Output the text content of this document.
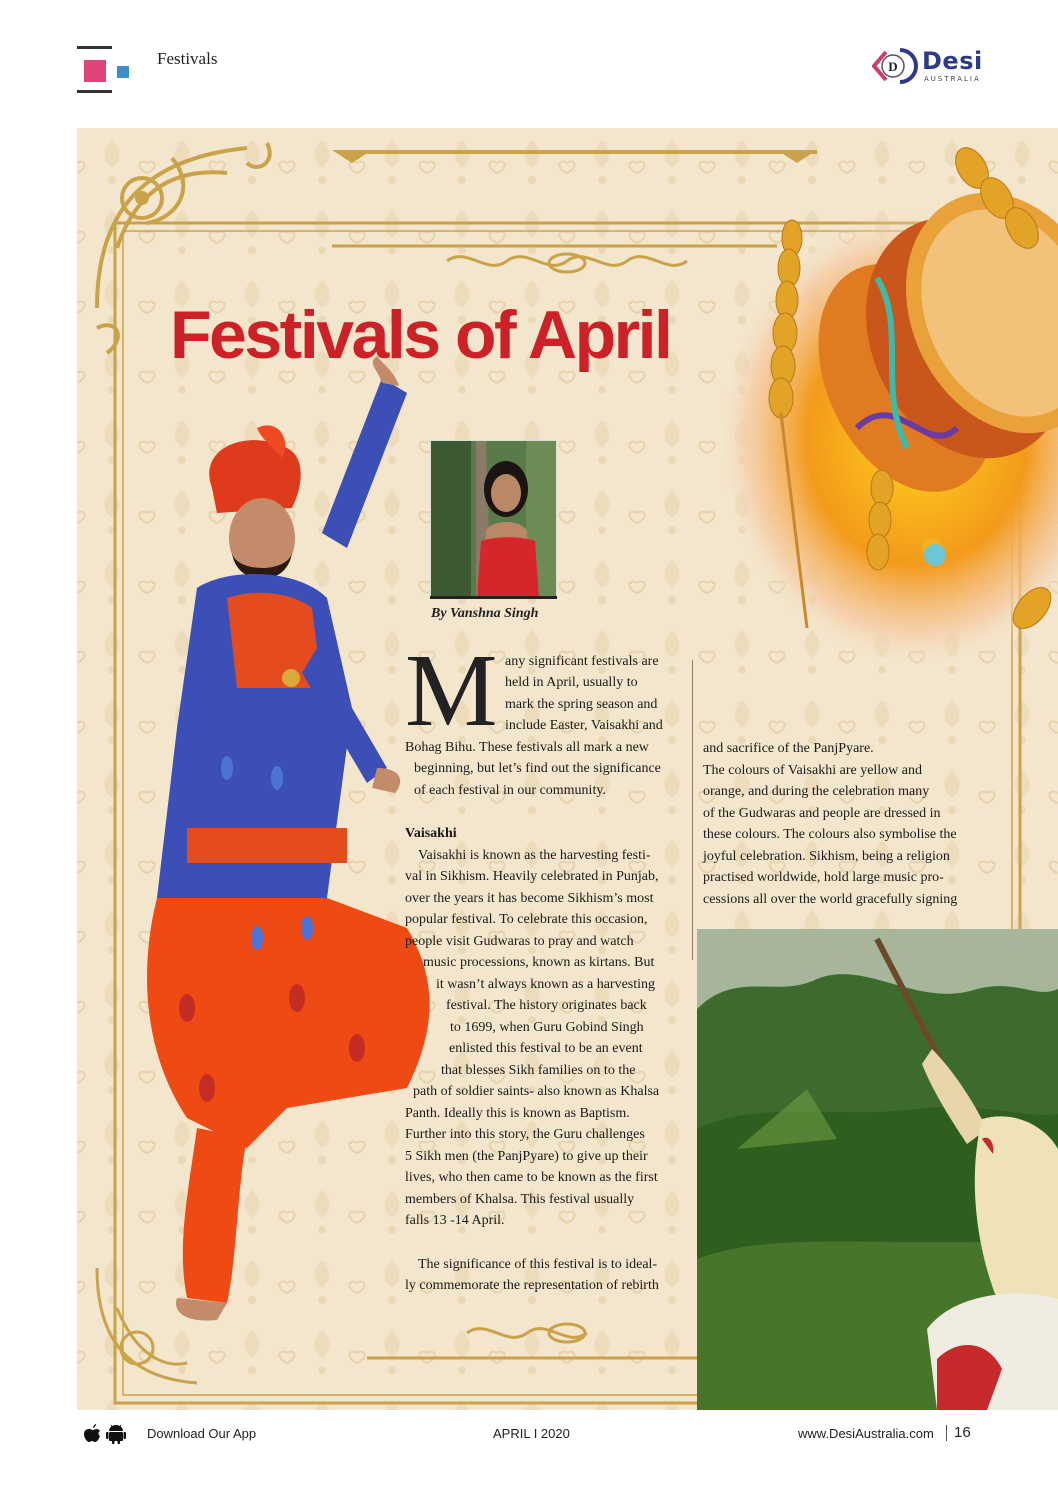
Festivals	D Desi
AUSTRALIA
Festivals of April
By Vanshna Singh
M any significant festivals are
held in April, usually to
mark the spring season and
include Easter, Vaisakhi and
Bohag Bihu. These festivals all mark a new
beginning, but let’s find out the significance
of each festival in our community.
Vaisakhi
Vaisakhi is known as the harvesting festi-
val in Sikhism. Heavily celebrated in Punjab,
over the years it has become Sikhism’s most
popular festival. To celebrate this occasion,
people visit Gudwaras to pray and watch
music processions, known as kirtans. But
it wasn’t always known as a harvesting
festival. The history originates back
to 1699, when Guru Gobind Singh
enlisted this festival to be an event
that blesses Sikh families on to the
path of soldier saints- also known as Khalsa
Panth. Ideally this is known as Baptism.
Further into this story, the Guru challenges
5 Sikh men (the PanjPyare) to give up their
lives, who then came to be known as the first
members of Khalsa. This festival usually
falls 13 -14 April.
The significance of this festival is to ideal-
ly commemorate the representation of rebirth
and sacrifice of the PanjPyare.
The colours of Vaisakhi are yellow and
orange, and during the celebration many
of the Gudwaras and people are dressed in
these colours. The colours also symbolise the
joyful celebration. Sikhism, being a religion
practised worldwide, hold large music pro-
cessions all over the world gracefully signing
Download Our App	APRIL I 2020	www.DesiAustralia.com 16
